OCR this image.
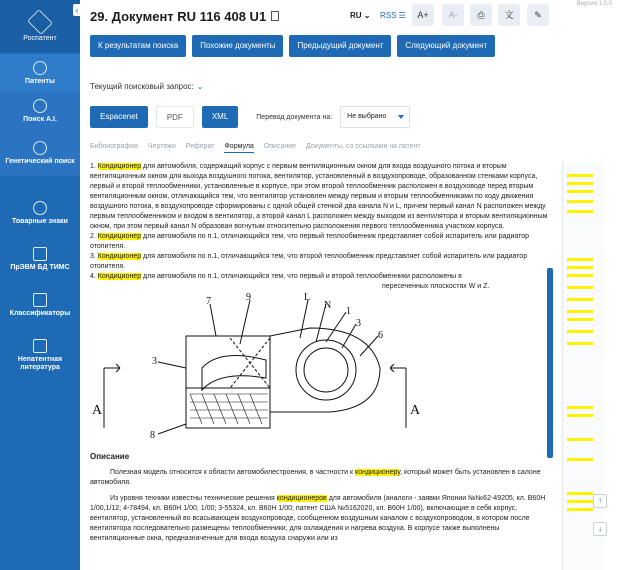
Роспатент
‹
Патенты
Поиск A.I.
Генетический поиск
Товарные знаки
ПрЭВМ БД ТИМС
Классификаторы
Непатентная литература
Версия 1.0.0
29. Документ RU 116 408 U1	RU ⌄ RSS ☰	A+	A-	⎙	文	✎
К результатам поиска	Похожие документы	Предыдущий документ	Следующий документ
Текущий поисковый запрос: ⌄
Espacenet	PDF	XML	Перевод документа на:	Не выбрано
Библиография Чертежи Реферат Формула Описание Документы, со ссылками на патент
1. Кондиционер для автомобиля, содержащий корпус с первым вентиляционным окном для входа воздушного потока и вторым вентиляционным окном для выхода воздушного потока, вентилятор, установленный в воздухопроводе, образованном стенками корпуса, первый и второй теплообменники, установленные в корпусе, при этом второй теплообменник расположен в воздуховоде перед вторым вентиляционным окном, отличающийся тем, что вентилятор установлен между первым и вторым теплообменниками по ходу движения воздушного потока, в воздухопроводе сформированы с одной общей стенкой два канала N и L, причем первый канал N расположен между первым теплообменником и входом в вентилятор, а второй канал L расположен между выходом из вентилятора и вторым вентиляционным окном, при этом первый канал N образован вогнутым относительно расположения первого теплообменника участком корпуса.
2. Кондиционер для автомобиля по п.1, отличающийся тем, что первый теплообменник представляет собой испаритель или радиатор отопителя.
3. Кондиционер для автомобиля по п.1, отличающийся тем, что второй теплообменник представляет собой испаритель или радиатор отопителя.
4. Кондиционер для автомобиля по п.1, отличающийся тем, что первый и второй теплообменники расположены в
пересеченных плоскостях W и Z.
7	9	L
N
1
3
6
3
8
A	A
Описание
Полезная модель относится к области автомобилестроения, в частности к кондиционеру, который может быть установлен в салоне автомобиля.
Из уровня техники известны технические решения кондиционеров для автомобиля (аналоги - заявки Японии №№62-49205, кл. B60H 1/00,1/12; 4-78494, кл. B60H 1/00, 1/00; 3-55324, кл. B60H 1/00; патент США №5162020, кл. B60H 1/00), включающие в себя корпус, вентилятор, установленный во всасывающем воздухопроводе, сообщенном воздушным каналом с воздухопроводом, в котором после вентилятора последовательно размещены теплообменники, для охлаждения и нагрева воздуха. В корпусе также выполнены вентиляционные окна, предназначенные для входа воздуха снаружи или из
↑
↓
